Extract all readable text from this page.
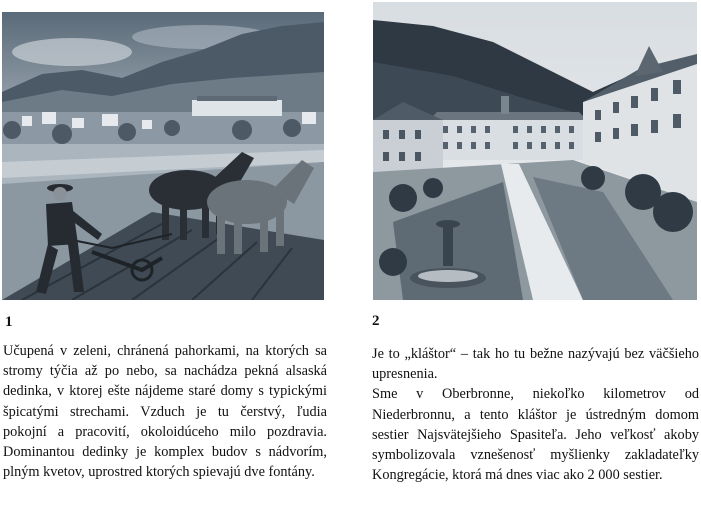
1

Učupená v zeleni, chránená pahorkami, na ktorých sa stromy týčia až po nebo, sa nachádza pekná alsaská dedinka, v ktorej ešte nájdeme staré domy s typickými špicatými strechami. Vzduch je tu čerstvý, ľudia pokojní a pracovití, okoloidúceho milo pozdravia. Dominantou dedinky je komplex budov s nádvorím, plným kvetov, uprostred ktorých spievajú dve fontány.

2

Je to „kláštor“ – tak ho tu bežne nazývajú bez väčšieho upresnenia.

Sme v Oberbronne, niekoľko kilometrov od Niederbronnu, a tento kláštor je ústredným domom sestier Najsvätejšieho Spasiteľa. Jeho veľkosť akoby symbolizovala vznešenosť myšlienky zakladateľky Kongregácie, ktorá má dnes viac ako 2 000 sestier.
